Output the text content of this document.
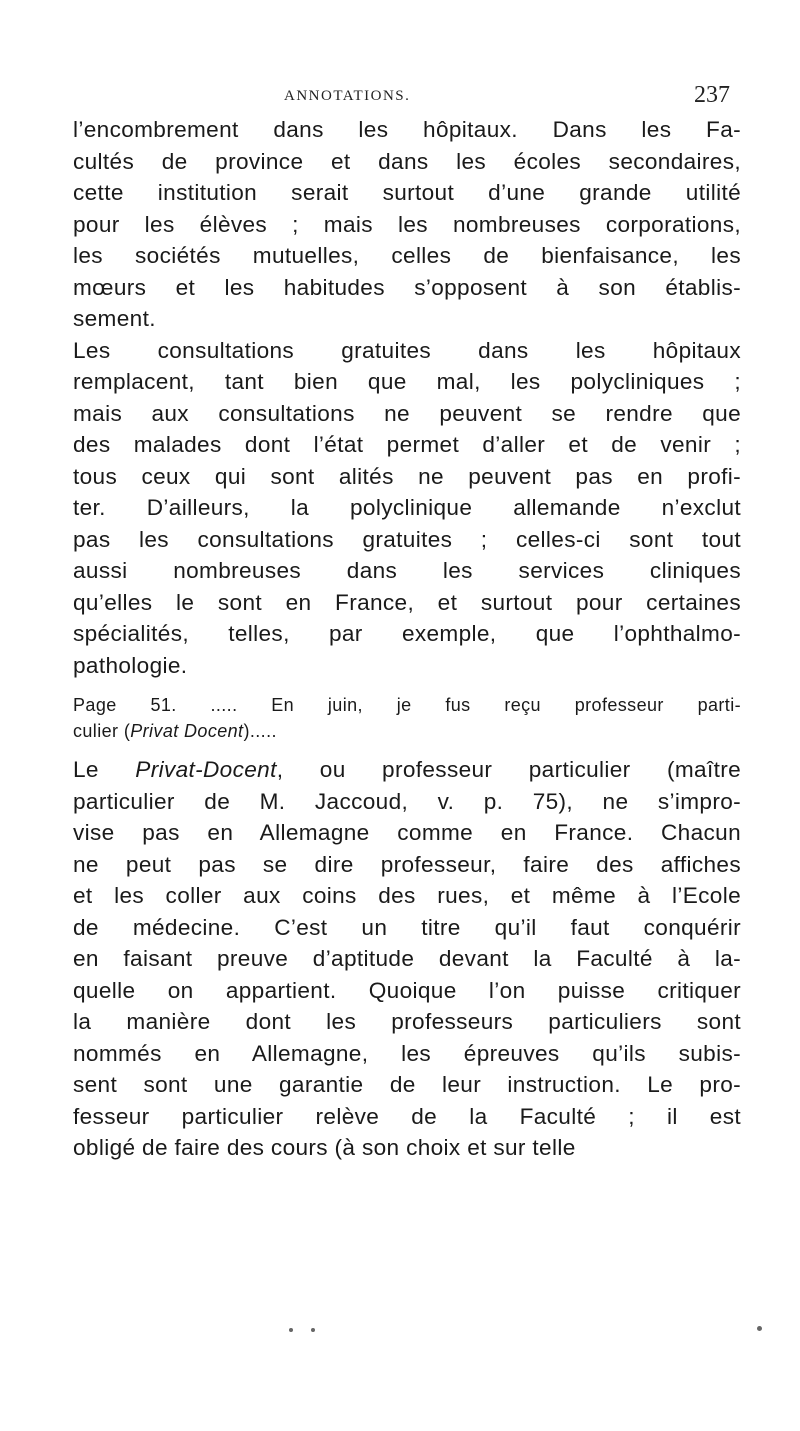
ANNOTATIONS.	237
l’encombrement dans les hôpitaux. Dans les Fa-
cultés de province et dans les écoles secondaires,
cette institution serait surtout d’une grande utilité
pour les élèves ; mais les nombreuses corporations,
les sociétés mutuelles, celles de bienfaisance, les
mœurs et les habitudes s’opposent à son établis-
sement.
Les consultations gratuites dans les hôpitaux
remplacent, tant bien que mal, les polycliniques ;
mais aux consultations ne peuvent se rendre que
des malades dont l’état permet d’aller et de venir ;
tous ceux qui sont alités ne peuvent pas en profi-
ter. D’ailleurs, la polyclinique allemande n’exclut
pas les consultations gratuites ; celles-ci sont tout
aussi nombreuses dans les services cliniques
qu’elles le sont en France, et surtout pour certaines
spécialités, telles, par exemple, que l’ophthalmo-
pathologie.
Page 51. ..... En juin, je fus reçu professeur parti-
culier (Privat Docent).....
Le Privat-Docent, ou professeur particulier (maître
particulier de M. Jaccoud, v. p. 75), ne s’impro-
vise pas en Allemagne comme en France. Chacun
ne peut pas se dire professeur, faire des affiches
et les coller aux coins des rues, et même à l’Ecole
de médecine. C’est un titre qu’il faut conquérir
en faisant preuve d’aptitude devant la Faculté à la-
quelle on appartient. Quoique l’on puisse critiquer
la manière dont les professeurs particuliers sont
nommés en Allemagne, les épreuves qu’ils subis-
sent sont une garantie de leur instruction. Le pro-
fesseur particulier relève de la Faculté ; il est
obligé de faire des cours (à son choix et sur telle
